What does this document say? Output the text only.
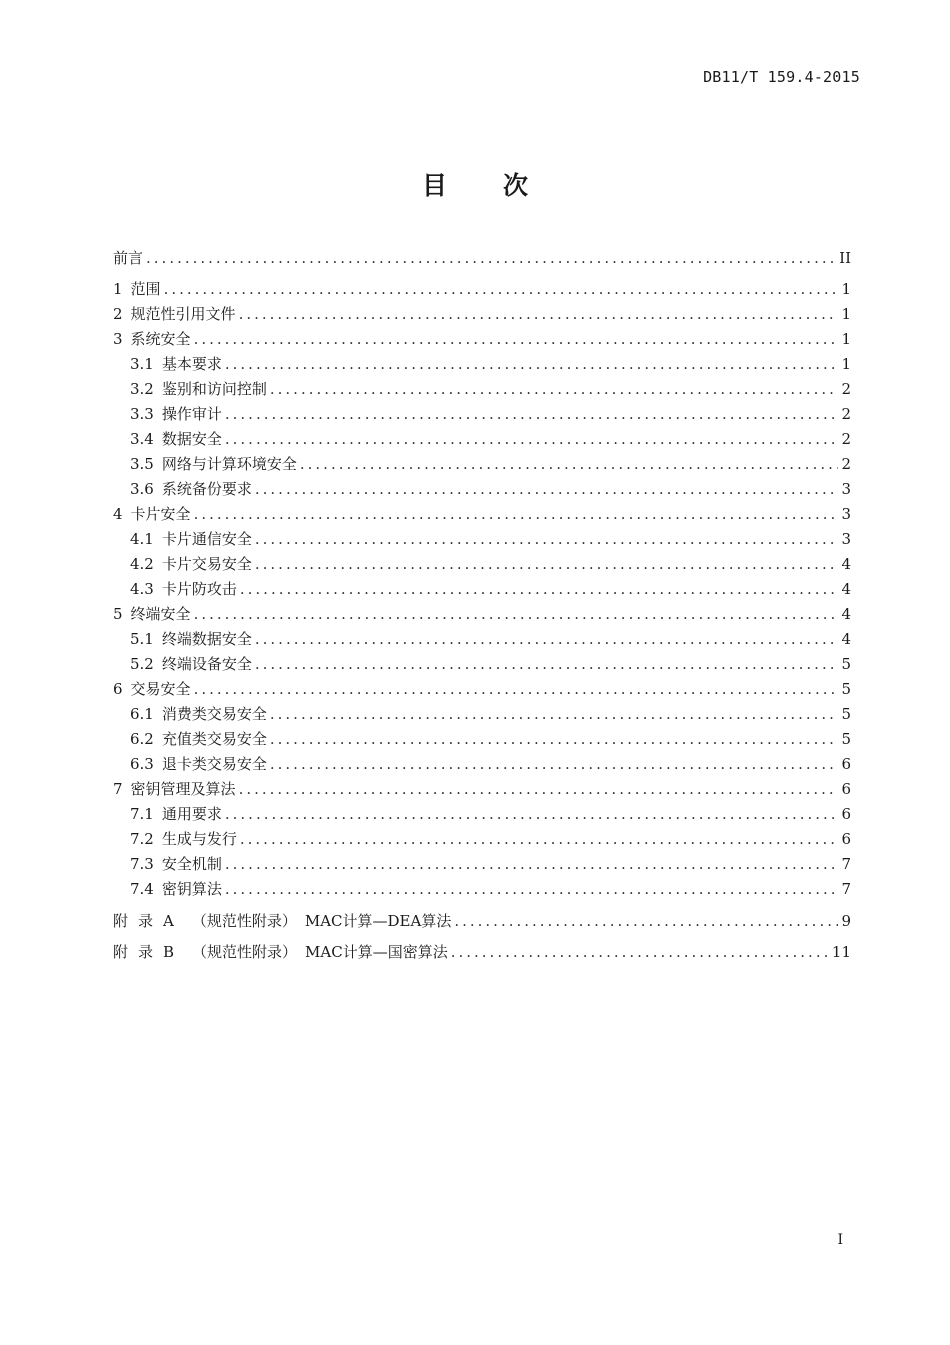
DB11/T 159.4-2015
目 次
前言 .....	II
1 范围 .....	1
2 规范性引用文件 .....	1
3 系统安全 .....	1
3.1 基本要求 .....	1
3.2 鉴别和访问控制 .....	2
3.3 操作审计 .....	2
3.4 数据安全 .....	2
3.5 网络与计算环境安全 .....	2
3.6 系统备份要求 .....	3
4 卡片安全 .....	3
4.1 卡片通信安全 .....	3
4.2 卡片交易安全 .....	4
4.3 卡片防攻击 .....	4
5 终端安全 .....	4
5.1 终端数据安全 .....	4
5.2 终端设备安全 .....	5
6 交易安全 .....	5
6.1 消费类交易安全 .....	5
6.2 充值类交易安全 .....	5
6.3 退卡类交易安全 .....	6
7 密钥管理及算法 .....	6
7.1 通用要求 .....	6
7.2 生成与发行 .....	6
7.3 安全机制 .....	7
7.4 密钥算法 .....	7
附录A （规范性附录） MAC计算—DEA算法 .....	9
附录B （规范性附录） MAC计算—国密算法 .....	11
I
